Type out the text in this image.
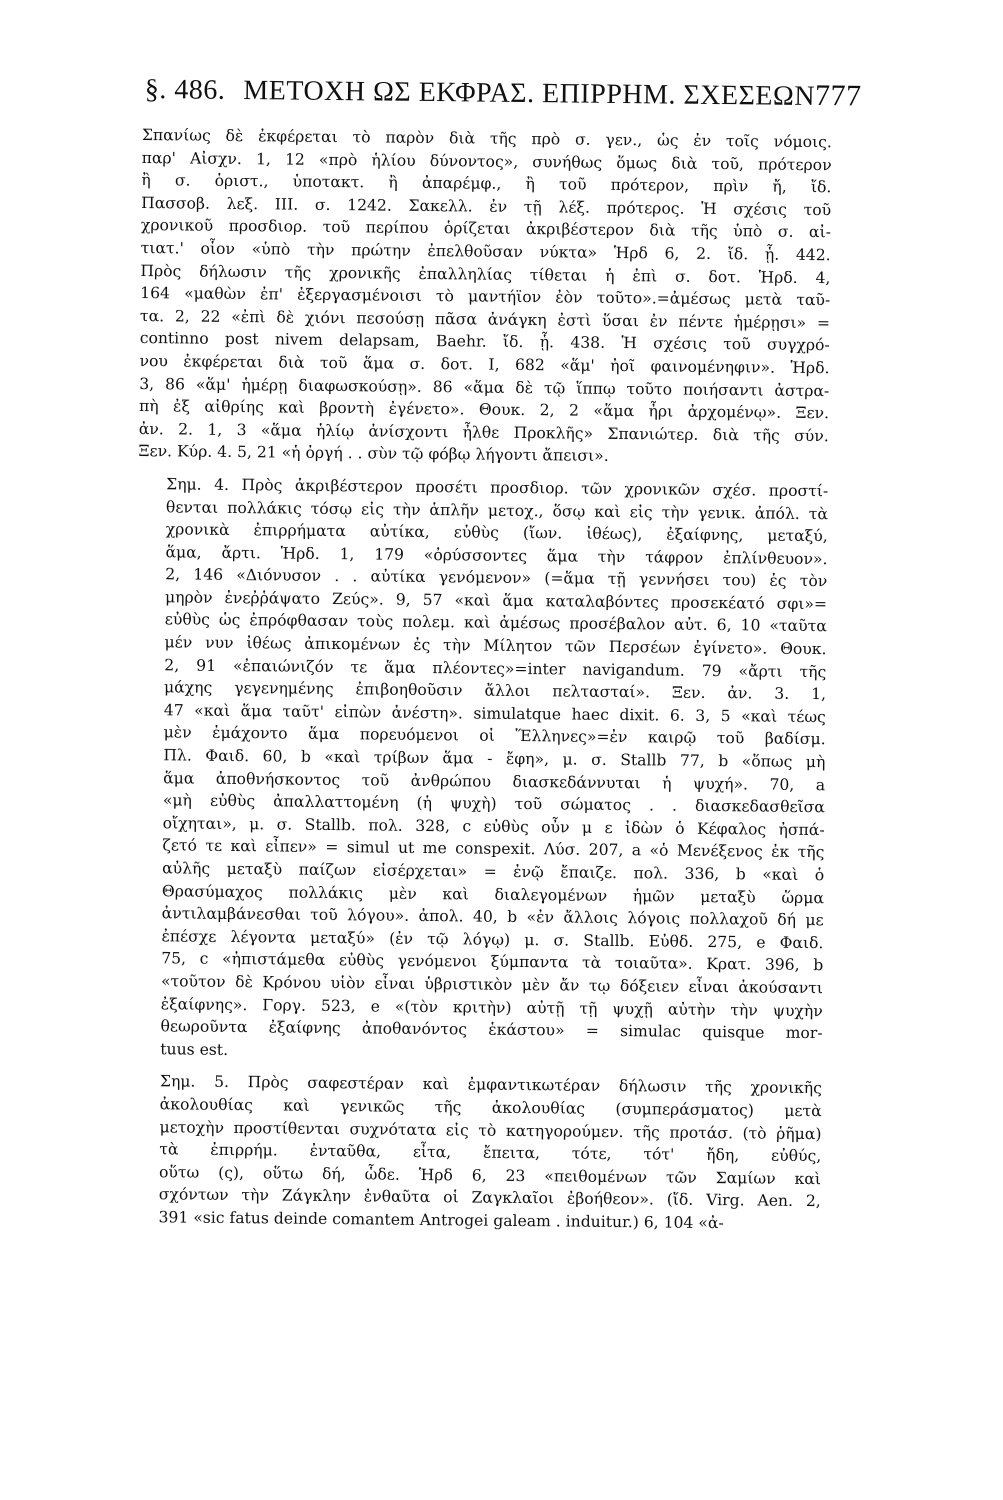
§. 486. ΜΕΤΟΧΗ ΩΣ ΕΚΦΡΑΣ. ΕΠΙΡΡΗΜ. ΣΧΕΣΕΩΝ 777

Σπανίως δὲ ἐκφέρεται τὸ παρὸν διὰ τῆς πρὸ σ. γεν., ὡς ἐν τοῖς νόμοις.
παρ' Αἰσχν. 1, 12 «πρὸ ἡλίου δύνοντος», συνήθως ὅμως διὰ τοῦ, πρότερον
ἢ σ. ὁριστ., ὑποτακτ. ἢ ἀπαρέμφ., ἢ τοῦ πρότερον, πρὶν ἤ, ἴδ.
Πασσοβ. λεξ. ΙΙΙ. σ. 1242. Σακελλ. ἐν τῇ λέξ. πρότερος. Ἡ σχέσις τοῦ
χρονικοῦ προσδιορ. τοῦ περίπου ὁρίζεται ἀκριβέστερον διὰ τῆς ὑπὸ σ. αἰ-
τιατ.' οἷον «ὑπὸ τὴν πρώτην ἐπελθοῦσαν νύκτα» Ἡρδ 6, 2. ἴδ. ᾗ. 442.
Πρὸς δήλωσιν τῆς χρονικῆς ἐπαλληλίας τίθεται ἡ ἐπὶ σ. δοτ. Ἡρδ. 4,
164 «μαθὼν ἐπ' ἐξεργασμένοισι τὸ μαντήϊον ἐὸν τοῦτο».=ἀμέσως μετὰ ταῦ-
τα. 2, 22 «ἐπὶ δὲ χιόνι πεσούσῃ πᾶσα ἀνάγκη ἐστὶ ὕσαι ἐν πέντε ἡμέρῃσι» =
continno post nivem delapsam, Baehr. ἴδ. ᾗ. 438. Ἡ σχέσις τοῦ συγχρό-
νου ἐκφέρεται διὰ τοῦ ἅμα σ. δοτ. Ι, 682 «ἅμ' ἠοῖ φαινομένηφιν». Ἡρδ.
3, 86 «ἅμ' ἡμέρῃ διαφωσκούσῃ». 86 «ἅμα δὲ τῷ ἵππῳ τοῦτο ποιήσαντι ἀστρα-
πὴ ἐξ αἰθρίης καὶ βροντὴ ἐγένετο». Θουκ. 2, 2 «ἅμα ἦρι ἀρχομένῳ». Ξεν.
ἀν. 2. 1, 3 «ἅμα ἡλίῳ ἀνίσχοντι ἦλθε Προκλῆς» Σπανιώτερ. διὰ τῆς σύν.
Ξεν. Κύρ. 4. 5, 21 «ἡ ὀργή . . σὺν τῷ φόβῳ λήγοντι ἄπεισι».

Σημ. 4. Πρὸς ἀκριβέστερον προσέτι προσδιορ. τῶν χρονικῶν σχέσ. προστί-
θενται πολλάκις τόσῳ εἰς τὴν ἁπλῆν μετοχ., ὅσῳ καὶ εἰς τὴν γενικ. ἀπόλ. τὰ
χρονικὰ ἐπιρρήματα αὐτίκα, εὐθὺς (ἴων. ἰθέως), ἐξαίφνης, μεταξύ,
ἅμα, ἄρτι. Ἡρδ. 1, 179 «ὀρύσσοντες ἅμα τὴν τάφρον ἐπλίνθευον».
2, 146 «Διόνυσον . . αὐτίκα γενόμενον» (=ἅμα τῇ γεννήσει του) ἐς τὸν
μηρὸν ἐνεῤῥάψατο Ζεύς». 9, 57 «καὶ ἅμα καταλαβόντες προσεκέατό σφι»=
εὐθὺς ὡς ἐπρόφθασαν τοὺς πολεμ. καὶ ἀμέσως προσέβαλον αὐτ. 6, 10 «ταῦτα
μέν νυν ἰθέως ἀπικομένων ἐς τὴν Μίλητον τῶν Περσέων ἐγίνετο». Θουκ.
2, 91 «ἐπαιώνιζόν τε ἅμα πλέοντες»=inter navigandum. 79 «ἄρτι τῆς
μάχης γεγενημένης ἐπιβοηθοῦσιν ἄλλοι πελτασταί». Ξεν. ἀν. 3. 1,
47 «καὶ ἅμα ταῦτ' εἰπὼν ἀνέστη». simulatque haec dixit. 6. 3, 5 «καὶ τέως
μὲν ἐμάχοντο ἅμα πορευόμενοι οἱ Ἕλληνες»=ἐν καιρῷ τοῦ βαδίσμ.
Πλ. Φαιδ. 60, b «καὶ τρίβων ἅμα - ἔφη», μ. σ. Stallb 77, b «ὅπως μὴ
ἅμα ἀποθνήσκοντος τοῦ ἀνθρώπου διασκεδάννυται ἡ ψυχή». 70, a
«μὴ εὐθὺς ἀπαλλαττομένη (ἡ ψυχὴ) τοῦ σώματος . . διασκεδασθεῖσα
οἴχηται», μ. σ. Stallb. πολ. 328, c εὐθὺς οὖν μ ε ἰδὼν ὁ Κέφαλος ἠσπά-
ζετό τε καὶ εἶπεν» = simul ut me conspexit. Λύσ. 207, a «ὁ Μενέξενος ἐκ τῆς
αὐλῆς μεταξὺ παίζων εἰσέρχεται» = ἐνῷ ἔπαιζε. πολ. 336, b «καὶ ὁ
Θρασύμαχος πολλάκις μὲν καὶ διαλεγομένων ἡμῶν μεταξὺ ὥρμα
ἀντιλαμβάνεσθαι τοῦ λόγου». ἀπολ. 40, b «ἐν ἄλλοις λόγοις πολλαχοῦ δή με
ἐπέσχε λέγοντα μεταξύ» (ἐν τῷ λόγῳ) μ. σ. Stallb. Εὐθδ. 275, e Φαιδ.
75, c «ἠπιστάμεθα εὐθὺς γενόμενοι ξύμπαντα τὰ τοιαῦτα». Κρατ. 396, b
«τοῦτον δὲ Κρόνου υἱὸν εἶναι ὑβριστικὸν μὲν ἄν τῳ δόξειεν εἶναι ἀκούσαντι
ἐξαίφνης». Γοργ. 523, e «(τὸν κριτὴν) αὐτῇ τῇ ψυχῇ αὐτὴν τὴν ψυχὴν
θεωροῦντα ἐξαίφνης ἀποθανόντος ἑκάστου» = simulac quisque mor-
tuus est.

Σημ. 5. Πρὸς σαφεστέραν καὶ ἐμφαντικωτέραν δήλωσιν τῆς χρονικῆς
ἀκολουθίας καὶ γενικῶς τῆς ἀκολουθίας (συμπεράσματος) μετὰ
μετοχὴν προστίθενται συχνότατα εἰς τὸ κατηγορούμεν. τῆς προτάσ. (τὸ ῥῆμα)
τὰ ἐπιρρήμ. ἐνταῦθα, εἶτα, ἔπειτα, τότε, τότ' ἤδη, εὐθύς,
οὕτω (ς), οὕτω δή, ὧδε. Ἡρδ 6, 23 «πειθομένων τῶν Σαμίων καὶ
σχόντων τὴν Ζάγκλην ἐνθαῦτα οἱ Ζαγκλαῖοι ἐβοήθεον». (ἴδ. Virg. Aen. 2,
391 «sic fatus deinde comantem Antrogei galeam . induitur.) 6, 104 «ἀ-
